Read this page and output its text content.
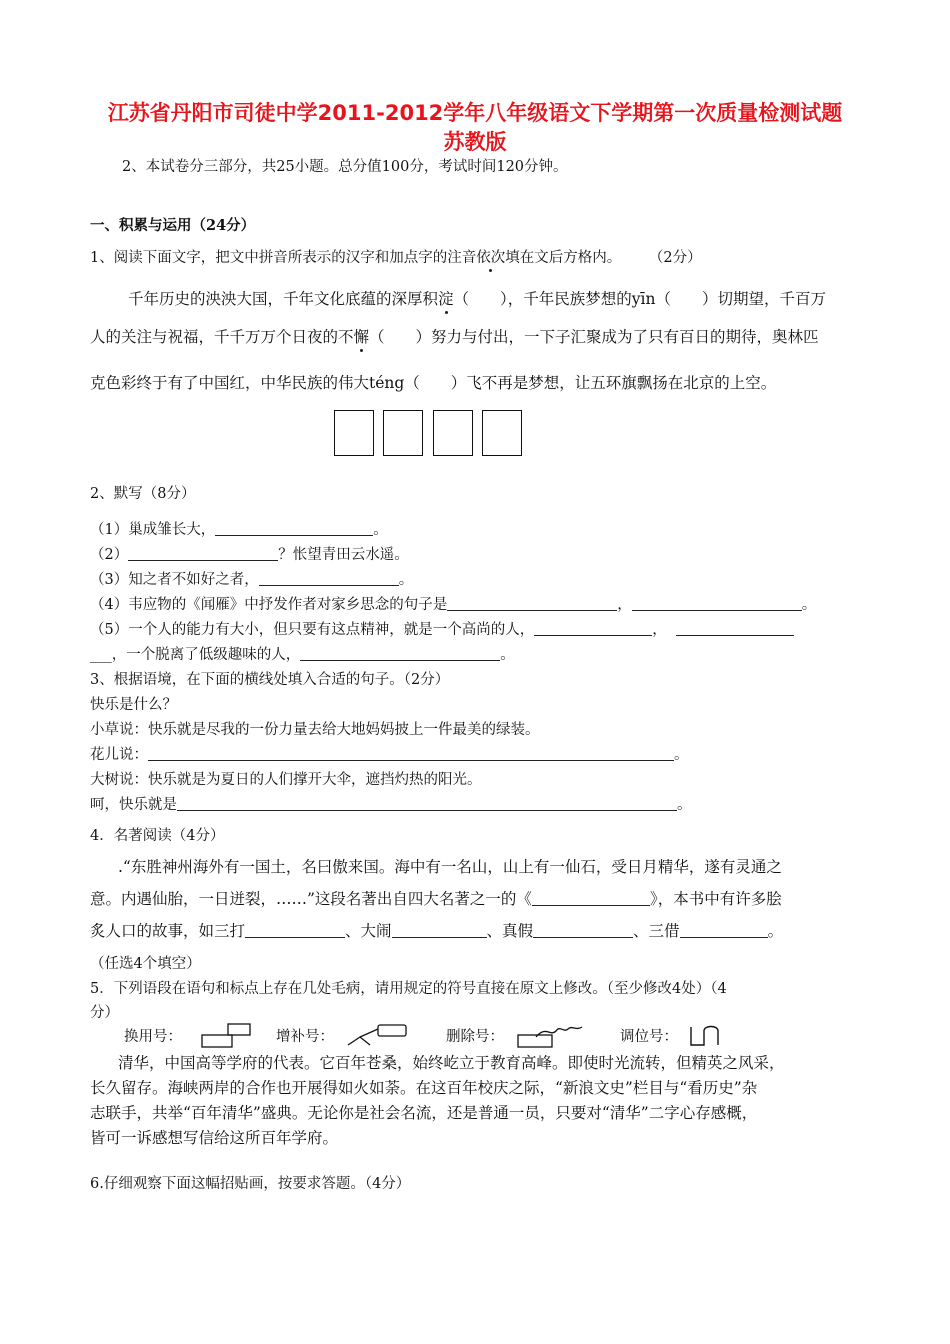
江苏省丹阳市司徒中学2011-2012学年八年级语文下学期第一次质量检测试题
苏教版
2、本试卷分三部分，共25小题。总分值100分，考试时间120分钟。
一、积累与运用（24分）
1、阅读下面文字，把文中拼音所表示的汉字和加点字的注音依次填在文后方格内。 （2分）
千年历史的泱泱大国，千年文化底蕴的深厚积淀（　　），千年民族梦想的yīn（　　）切期望，千百万
人的关注与祝福，千千万万个日夜的不懈（　　）努力与付出，一下子汇聚成为了只有百日的期待，奥林匹
克色彩终于有了中国红，中华民族的伟大téng（　　）飞不再是梦想，让五环旗飘扬在北京的上空。
2、默写（8分）
（1）巢成雏长大，	。
（2）	？怅望青田云水遥。
（3）知之者不如好之者，	。
（4）韦应物的《闻雁》中抒发作者对家乡思念的句子是	，	。
（5）一个人的能力有大小，但只要有这点精神，就是一个高尚的人，	，
___，一个脱离了低级趣味的人，	。
3、根据语境，在下面的横线处填入合适的句子。（2分）
快乐是什么？
小草说：快乐就是尽我的一份力量去给大地妈妈披上一件最美的绿装。
花儿说：	。
大树说：快乐就是为夏日的人们撑开大伞，遮挡灼热的阳光。
呵，快乐就是	。
4．名著阅读（4分）
.“东胜神州海外有一国土，名曰傲来国。海中有一名山，山上有一仙石，受日月精华，遂有灵通之
意。内遇仙胎，一日迸裂，……”这段名著出自四大名著之一的《	》，本书中有许多脍
炙人口的故事，如三打	、大闹	、真假	、三借	。
（任选4个填空）
5．下列语段在语句和标点上存在几处毛病，请用规定的符号直接在原文上修改。（至少修改4处）（4
分）
换用号：	增补号：	删除号：	调位号：
清华，中国高等学府的代表。它百年苍桑，始终屹立于教育高峰。即使时光流转，但精英之风采，
长久留存。海峡两岸的合作也开展得如火如荼。在这百年校庆之际，“新浪文史”栏目与“看历史”杂
志联手，共举“百年清华”盛典。无论你是社会名流，还是普通一员，只要对“清华”二字心存感概，
皆可一诉感想写信给这所百年学府。
6.仔细观察下面这幅招贴画，按要求答题。（4分）
